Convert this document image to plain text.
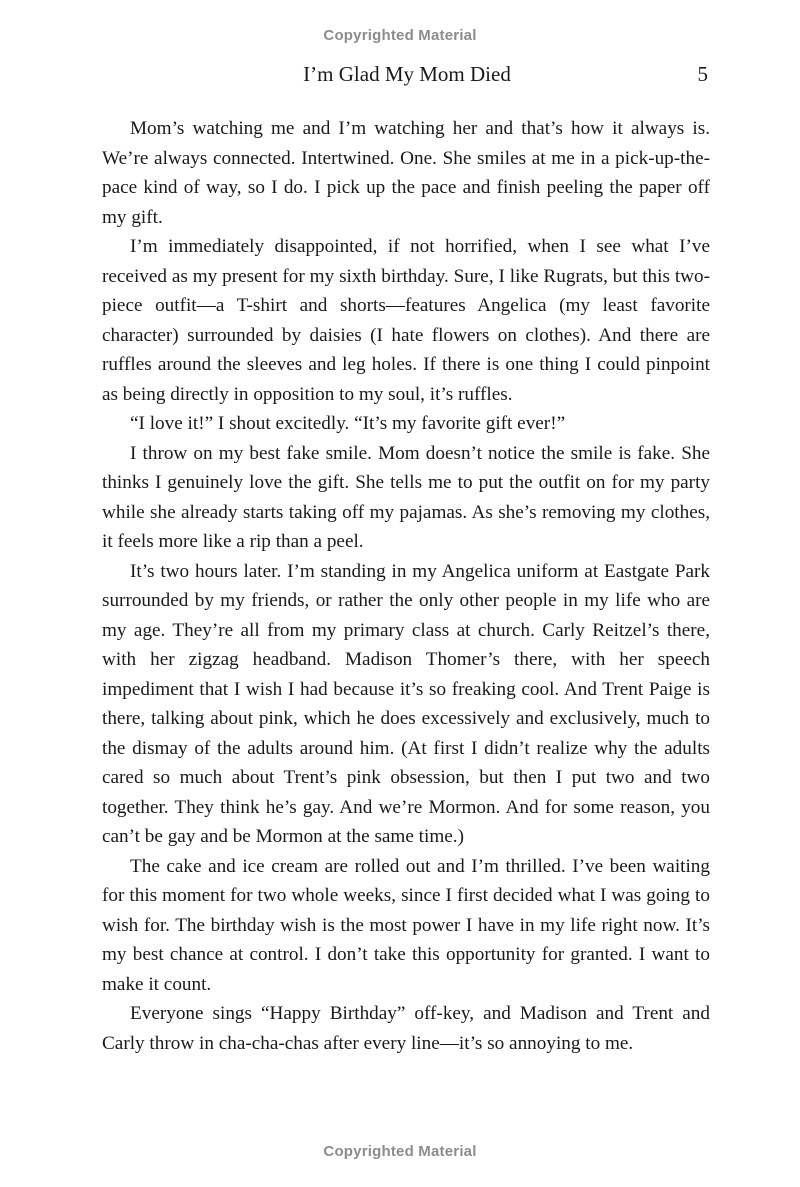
Copyrighted Material
I’m Glad My Mom Died	5

Mom’s watching me and I’m watching her and that’s how it always is. We’re always connected. Intertwined. One. She smiles at me in a pick-up-the-pace kind of way, so I do. I pick up the pace and finish peeling the paper off my gift.

I’m immediately disappointed, if not horrified, when I see what I’ve received as my present for my sixth birthday. Sure, I like Rugrats, but this two-piece outfit—a T-shirt and shorts—features Angelica (my least favorite character) surrounded by daisies (I hate flowers on clothes). And there are ruffles around the sleeves and leg holes. If there is one thing I could pinpoint as being directly in opposition to my soul, it’s ruffles.

“I love it!” I shout excitedly. “It’s my favorite gift ever!”

I throw on my best fake smile. Mom doesn’t notice the smile is fake. She thinks I genuinely love the gift. She tells me to put the outfit on for my party while she already starts taking off my pajamas. As she’s removing my clothes, it feels more like a rip than a peel.

It’s two hours later. I’m standing in my Angelica uniform at Eastgate Park surrounded by my friends, or rather the only other people in my life who are my age. They’re all from my primary class at church. Carly Reitzel’s there, with her zigzag headband. Madison Thomer’s there, with her speech impediment that I wish I had because it’s so freaking cool. And Trent Paige is there, talking about pink, which he does excessively and exclusively, much to the dismay of the adults around him. (At first I didn’t realize why the adults cared so much about Trent’s pink obsession, but then I put two and two together. They think he’s gay. And we’re Mormon. And for some reason, you can’t be gay and be Mormon at the same time.)

The cake and ice cream are rolled out and I’m thrilled. I’ve been waiting for this moment for two whole weeks, since I first decided what I was going to wish for. The birthday wish is the most power I have in my life right now. It’s my best chance at control. I don’t take this opportunity for granted. I want to make it count.

Everyone sings “Happy Birthday” off-key, and Madison and Trent and Carly throw in cha-cha-chas after every line—it’s so annoying to me.

Copyrighted Material
